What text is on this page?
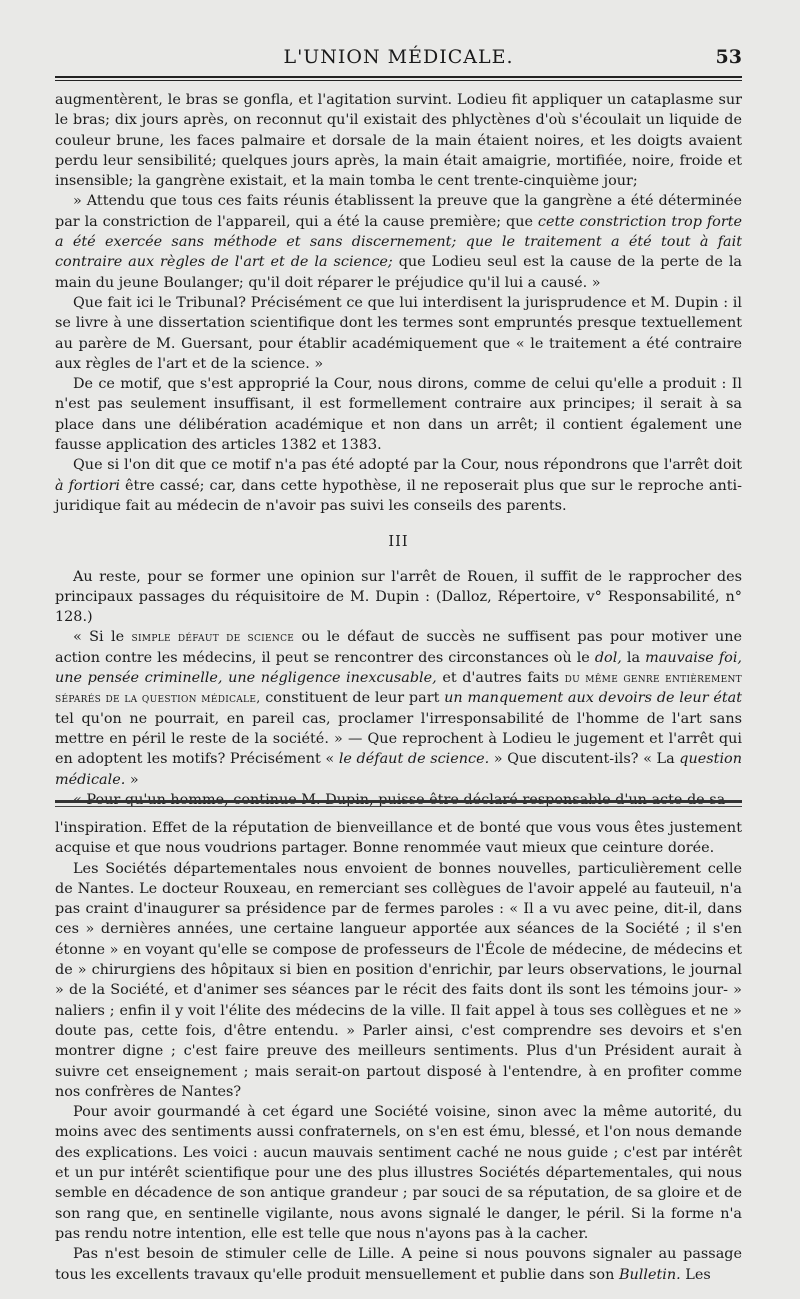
L'UNION MÉDICALE.	53

augmentèrent, le bras se gonfla, et l'agitation survint. Lodieu fit appliquer un cataplasme sur le bras; dix jours après, on reconnut qu'il existait des phlyctènes d'où s'écoulait un liquide de couleur brune, les faces palmaire et dorsale de la main étaient noires, et les doigts avaient perdu leur sensibilité; quelques jours après, la main était amaigrie, mortifiée, noire, froide et insensible; la gangrène existait, et la main tomba le cent trente-cinquième jour;

» Attendu que tous ces faits réunis établissent la preuve que la gangrène a été déterminée par la constriction de l'appareil, qui a été la cause première; que cette constriction trop forte a été exercée sans méthode et sans discernement; que le traitement a été tout à fait contraire aux règles de l'art et de la science; que Lodieu seul est la cause de la perte de la main du jeune Boulanger; qu'il doit réparer le préjudice qu'il lui a causé. »

Que fait ici le Tribunal? Précisément ce que lui interdisent la jurisprudence et M. Dupin : il se livre à une dissertation scientifique dont les termes sont empruntés presque textuellement au parère de M. Guersant, pour établir académiquement que « le traitement a été contraire aux règles de l'art et de la science. »

De ce motif, que s'est approprié la Cour, nous dirons, comme de celui qu'elle a produit : Il n'est pas seulement insuffisant, il est formellement contraire aux principes; il serait à sa place dans une délibération académique et non dans un arrêt; il contient également une fausse application des articles 1382 et 1383.

Que si l'on dit que ce motif n'a pas été adopté par la Cour, nous répondrons que l'arrêt doit à fortiori être cassé; car, dans cette hypothèse, il ne reposerait plus que sur le reproche anti-juridique fait au médecin de n'avoir pas suivi les conseils des parents.

III

Au reste, pour se former une opinion sur l'arrêt de Rouen, il suffit de le rapprocher des principaux passages du réquisitoire de M. Dupin : (Dalloz, Répertoire, v° Responsabilité, n° 128.)

« Si le simple défaut de science ou le défaut de succès ne suffisent pas pour motiver une action contre les médecins, il peut se rencontrer des circonstances où le dol, la mauvaise foi, une pensée criminelle, une négligence inexcusable, et d'autres faits du même genre entièrement séparés de la question médicale, constituent de leur part un manquement aux devoirs de leur état tel qu'on ne pourrait, en pareil cas, proclamer l'irresponsabilité de l'homme de l'art sans mettre en péril le reste de la société. » — Que reprochent à Lodieu le jugement et l'arrêt qui en adoptent les motifs? Précisément « le défaut de science. » Que discutent-ils? « La question médicale. »

l'inspiration. Effet de la réputation de bienveillance et de bonté que vous vous êtes justement acquise et que nous voudrions partager. Bonne renommée vaut mieux que ceinture dorée.

Les Sociétés départementales nous envoient de bonnes nouvelles, particulièrement celle de Nantes. Le docteur Rouxeau, en remerciant ses collègues de l'avoir appelé au fauteuil, n'a pas craint d'inaugurer sa présidence par de fermes paroles : « Il a vu avec peine, dit-il, dans ces » dernières années, une certaine langueur apportée aux séances de la Société ; il s'en étonne » en voyant qu'elle se compose de professeurs de l'École de médecine, de médecins et de » chirurgiens des hôpitaux si bien en position d'enrichir, par leurs observations, le journal » de la Société, et d'animer ses séances par le récit des faits dont ils sont les témoins jour- » naliers ; enfin il y voit l'élite des médecins de la ville. Il fait appel à tous ses collègues et ne » doute pas, cette fois, d'être entendu. » Parler ainsi, c'est comprendre ses devoirs et s'en montrer digne ; c'est faire preuve des meilleurs sentiments. Plus d'un Président aurait à suivre cet enseignement ; mais serait-on partout disposé à l'entendre, à en profiter comme nos confrères de Nantes?

Pour avoir gourmandé à cet égard une Société voisine, sinon avec la même autorité, du moins avec des sentiments aussi confraternels, on s'en est ému, blessé, et l'on nous demande des explications. Les voici : aucun mauvais sentiment caché ne nous guide ; c'est par intérêt et un pur intérêt scientifique pour une des plus illustres Sociétés départementales, qui nous semble en décadence de son antique grandeur ; par souci de sa réputation, de sa gloire et de son rang que, en sentinelle vigilante, nous avons signalé le danger, le péril. Si la forme n'a pas rendu notre intention, elle est telle que nous n'ayons pas à la cacher.

Pas n'est besoin de stimuler celle de Lille. A peine si nous pouvons signaler au passage tous les excellents travaux qu'elle produit mensuellement et publie dans son Bulletin. Les
